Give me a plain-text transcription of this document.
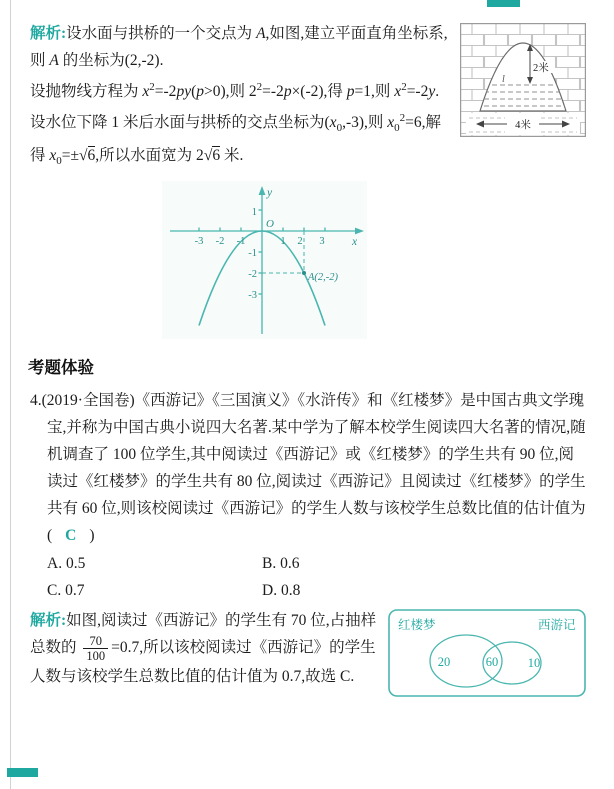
l
2米
4米

解析:设水面与拱桥的一个交点为 A,如图,建立平面直角坐标系,则 A 的坐标为(2,-2).

设抛物线方程为 $x^2=-2py(p>0)$,则 $2^2=-2p\times(-2)$,得 p=1,则 $x^2=-2y$.设水位下降 1 米后水面与拱桥的交点坐标为$(x_0,-3)$,则 $x_0^2=6$,解得 $x_0=\pm√6$,所以水面宽为 2√6 米.

-3 -2 -1	1 2 3
1
-1
-2
-3
O
x
y
A(2,-2)
考题体验

4.(2019·全国卷)《西游记》《三国演义》《水浒传》和《红楼梦》是中国古典文学瑰宝,并称为中国古典小说四大名著.某中学为了解本校学生阅读四大名著的情况,随机调查了 100 位学生,其中阅读过《西游记》或《红楼梦》的学生共有 90 位,阅读过《红楼梦》的学生共有 80 位,阅读过《西游记》且阅读过《红楼梦》的学生共有 60 位,则该校阅读过《西游记》的学生人数与该校学生总数比值的估计值为( C )

A. 0.5	B. 0.6
C. 0.7	D. 0.8
红楼梦	西游记
20	60 10

解析:如图,阅读过《西游记》的学生有 70 位,占抽样总数的 $\frac{70}{100} =0.7$,所以该校阅读过《西游记》的学生人数与该校学生总数比值的估计值为 0.7,故选 C.
